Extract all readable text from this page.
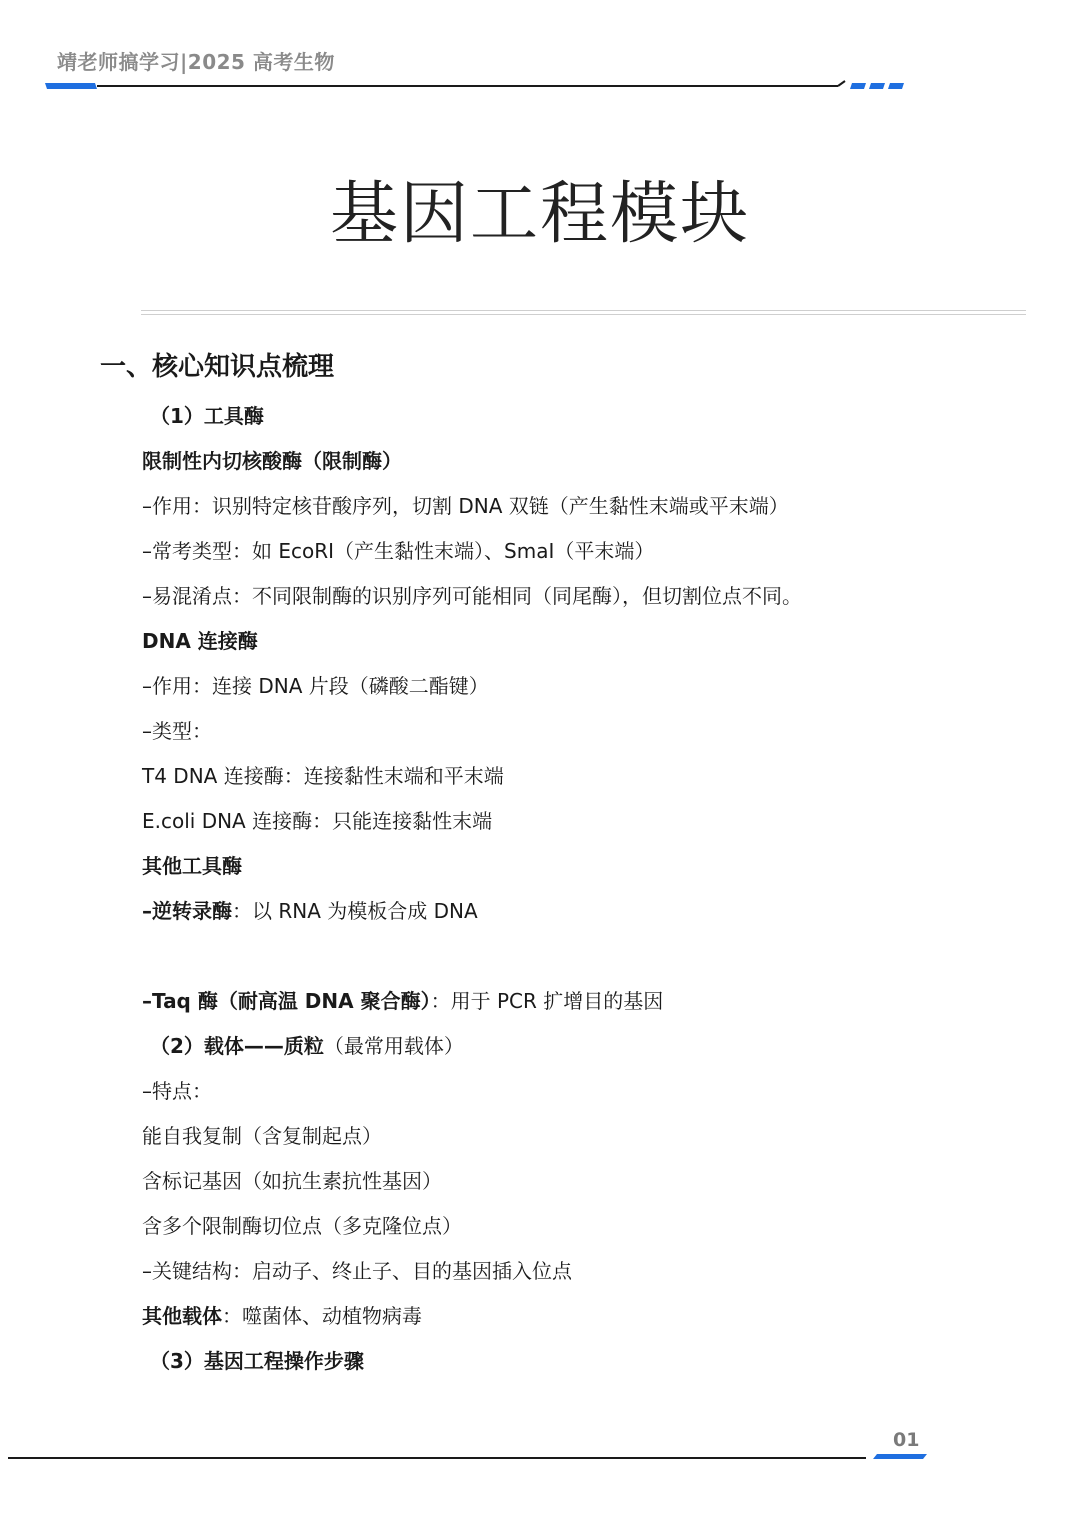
靖老师搞学习|2025 高考生物
基因工程模块
一、核心知识点梳理
（1）工具酶
限制性内切核酸酶（限制酶）
–作用：识别特定核苷酸序列，切割 DNA 双链（产生黏性末端或平末端）
–常考类型：如 EcoRⅠ（产生黏性末端）、SmaⅠ（平末端）
–易混淆点：不同限制酶的识别序列可能相同（同尾酶），但切割位点不同。
DNA 连接酶
–作用：连接 DNA 片段（磷酸二酯键）
–类型：
T4 DNA 连接酶：连接黏性末端和平末端
E.coli DNA 连接酶：只能连接黏性末端
其他工具酶
–逆转录酶：以 RNA 为模板合成 DNA
–Taq 酶（耐高温 DNA 聚合酶）：用于 PCR 扩增目的基因
（2）载体——质粒（最常用载体）
–特点：
能自我复制（含复制起点）
含标记基因（如抗生素抗性基因）
含多个限制酶切位点（多克隆位点）
–关键结构：启动子、终止子、目的基因插入位点
其他载体：噬菌体、动植物病毒
（3）基因工程操作步骤
01
